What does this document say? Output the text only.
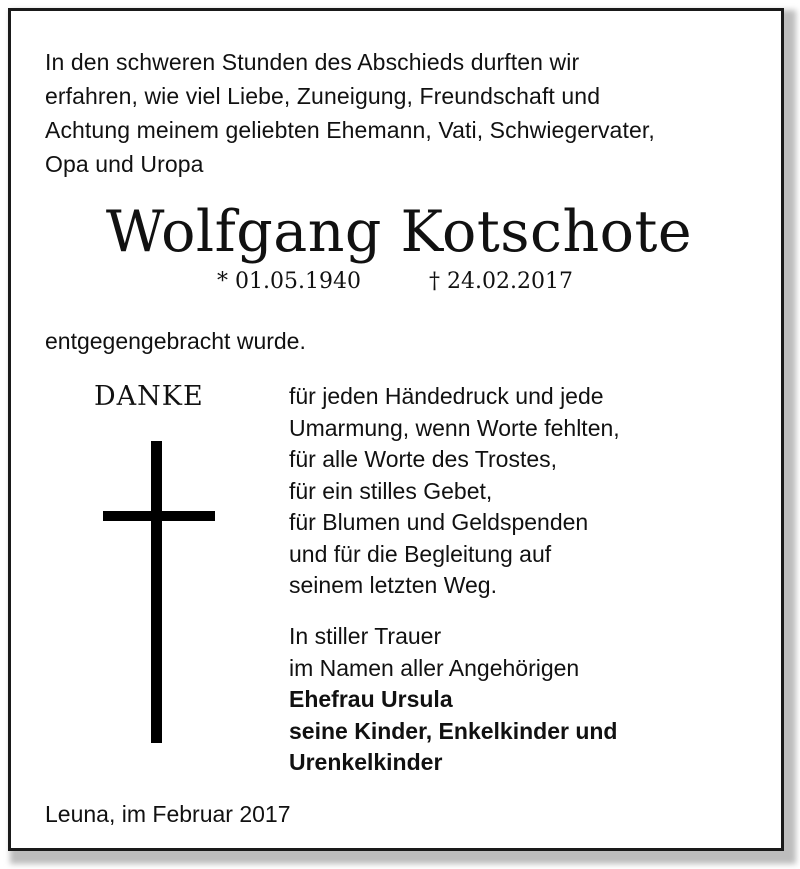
In den schweren Stunden des Abschieds durften wir
erfahren, wie viel Liebe, Zuneigung, Freundschaft und
Achtung meinem geliebten Ehemann, Vati, Schwiegervater,
Opa und Uropa
Wolfgang Kotschote
* 01.05.1940	† 24.02.2017
entgegengebracht wurde.
DANKE	für jeden Händedruck und jede
Umarmung, wenn Worte fehlten,
für alle Worte des Trostes,
für ein stilles Gebet,
für Blumen und Geldspenden
und für die Begleitung auf
seinem letzten Weg.
In stiller Trauer
im Namen aller Angehörigen
Ehefrau Ursula
seine Kinder, Enkelkinder und
Urenkelkinder
Leuna, im Februar 2017
